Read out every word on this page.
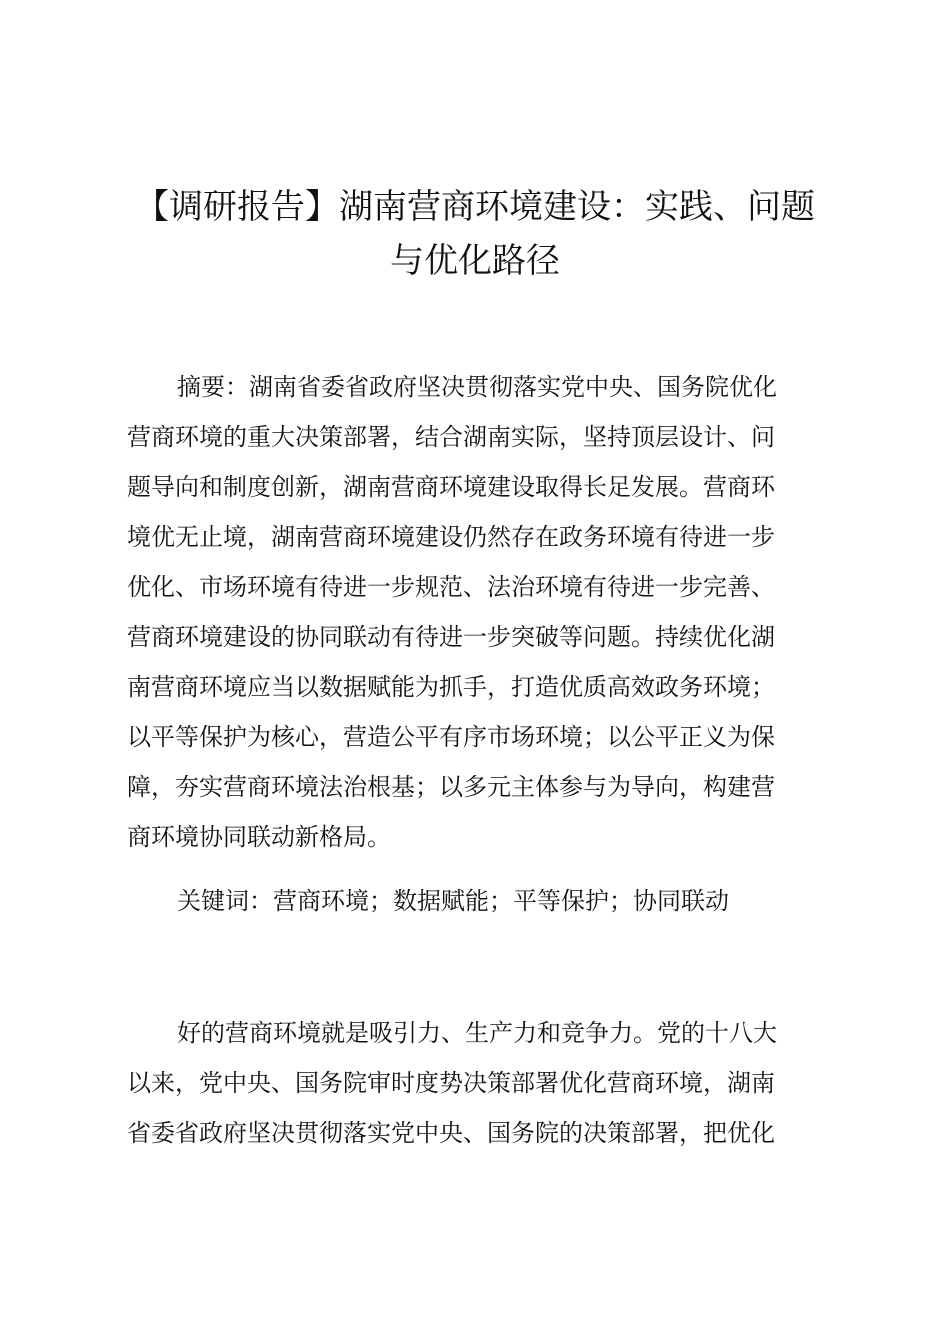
【调研报告】湖南营商环境建设：实践、问题
与优化路径
摘要：湖南省委省政府坚决贯彻落实党中央、国务院优化
营商环境的重大决策部署，结合湖南实际，坚持顶层设计、问
题导向和制度创新，湖南营商环境建设取得长足发展。营商环
境优无止境，湖南营商环境建设仍然存在政务环境有待进一步
优化、市场环境有待进一步规范、法治环境有待进一步完善、
营商环境建设的协同联动有待进一步突破等问题。持续优化湖
南营商环境应当以数据赋能为抓手，打造优质高效政务环境；
以平等保护为核心，营造公平有序市场环境；以公平正义为保
障，夯实营商环境法治根基；以多元主体参与为导向，构建营
商环境协同联动新格局。
关键词：营商环境；数据赋能；平等保护；协同联动
好的营商环境就是吸引力、生产力和竞争力。党的十八大
以来，党中央、国务院审时度势决策部署优化营商环境，湖南
省委省政府坚决贯彻落实党中央、国务院的决策部署，把优化
